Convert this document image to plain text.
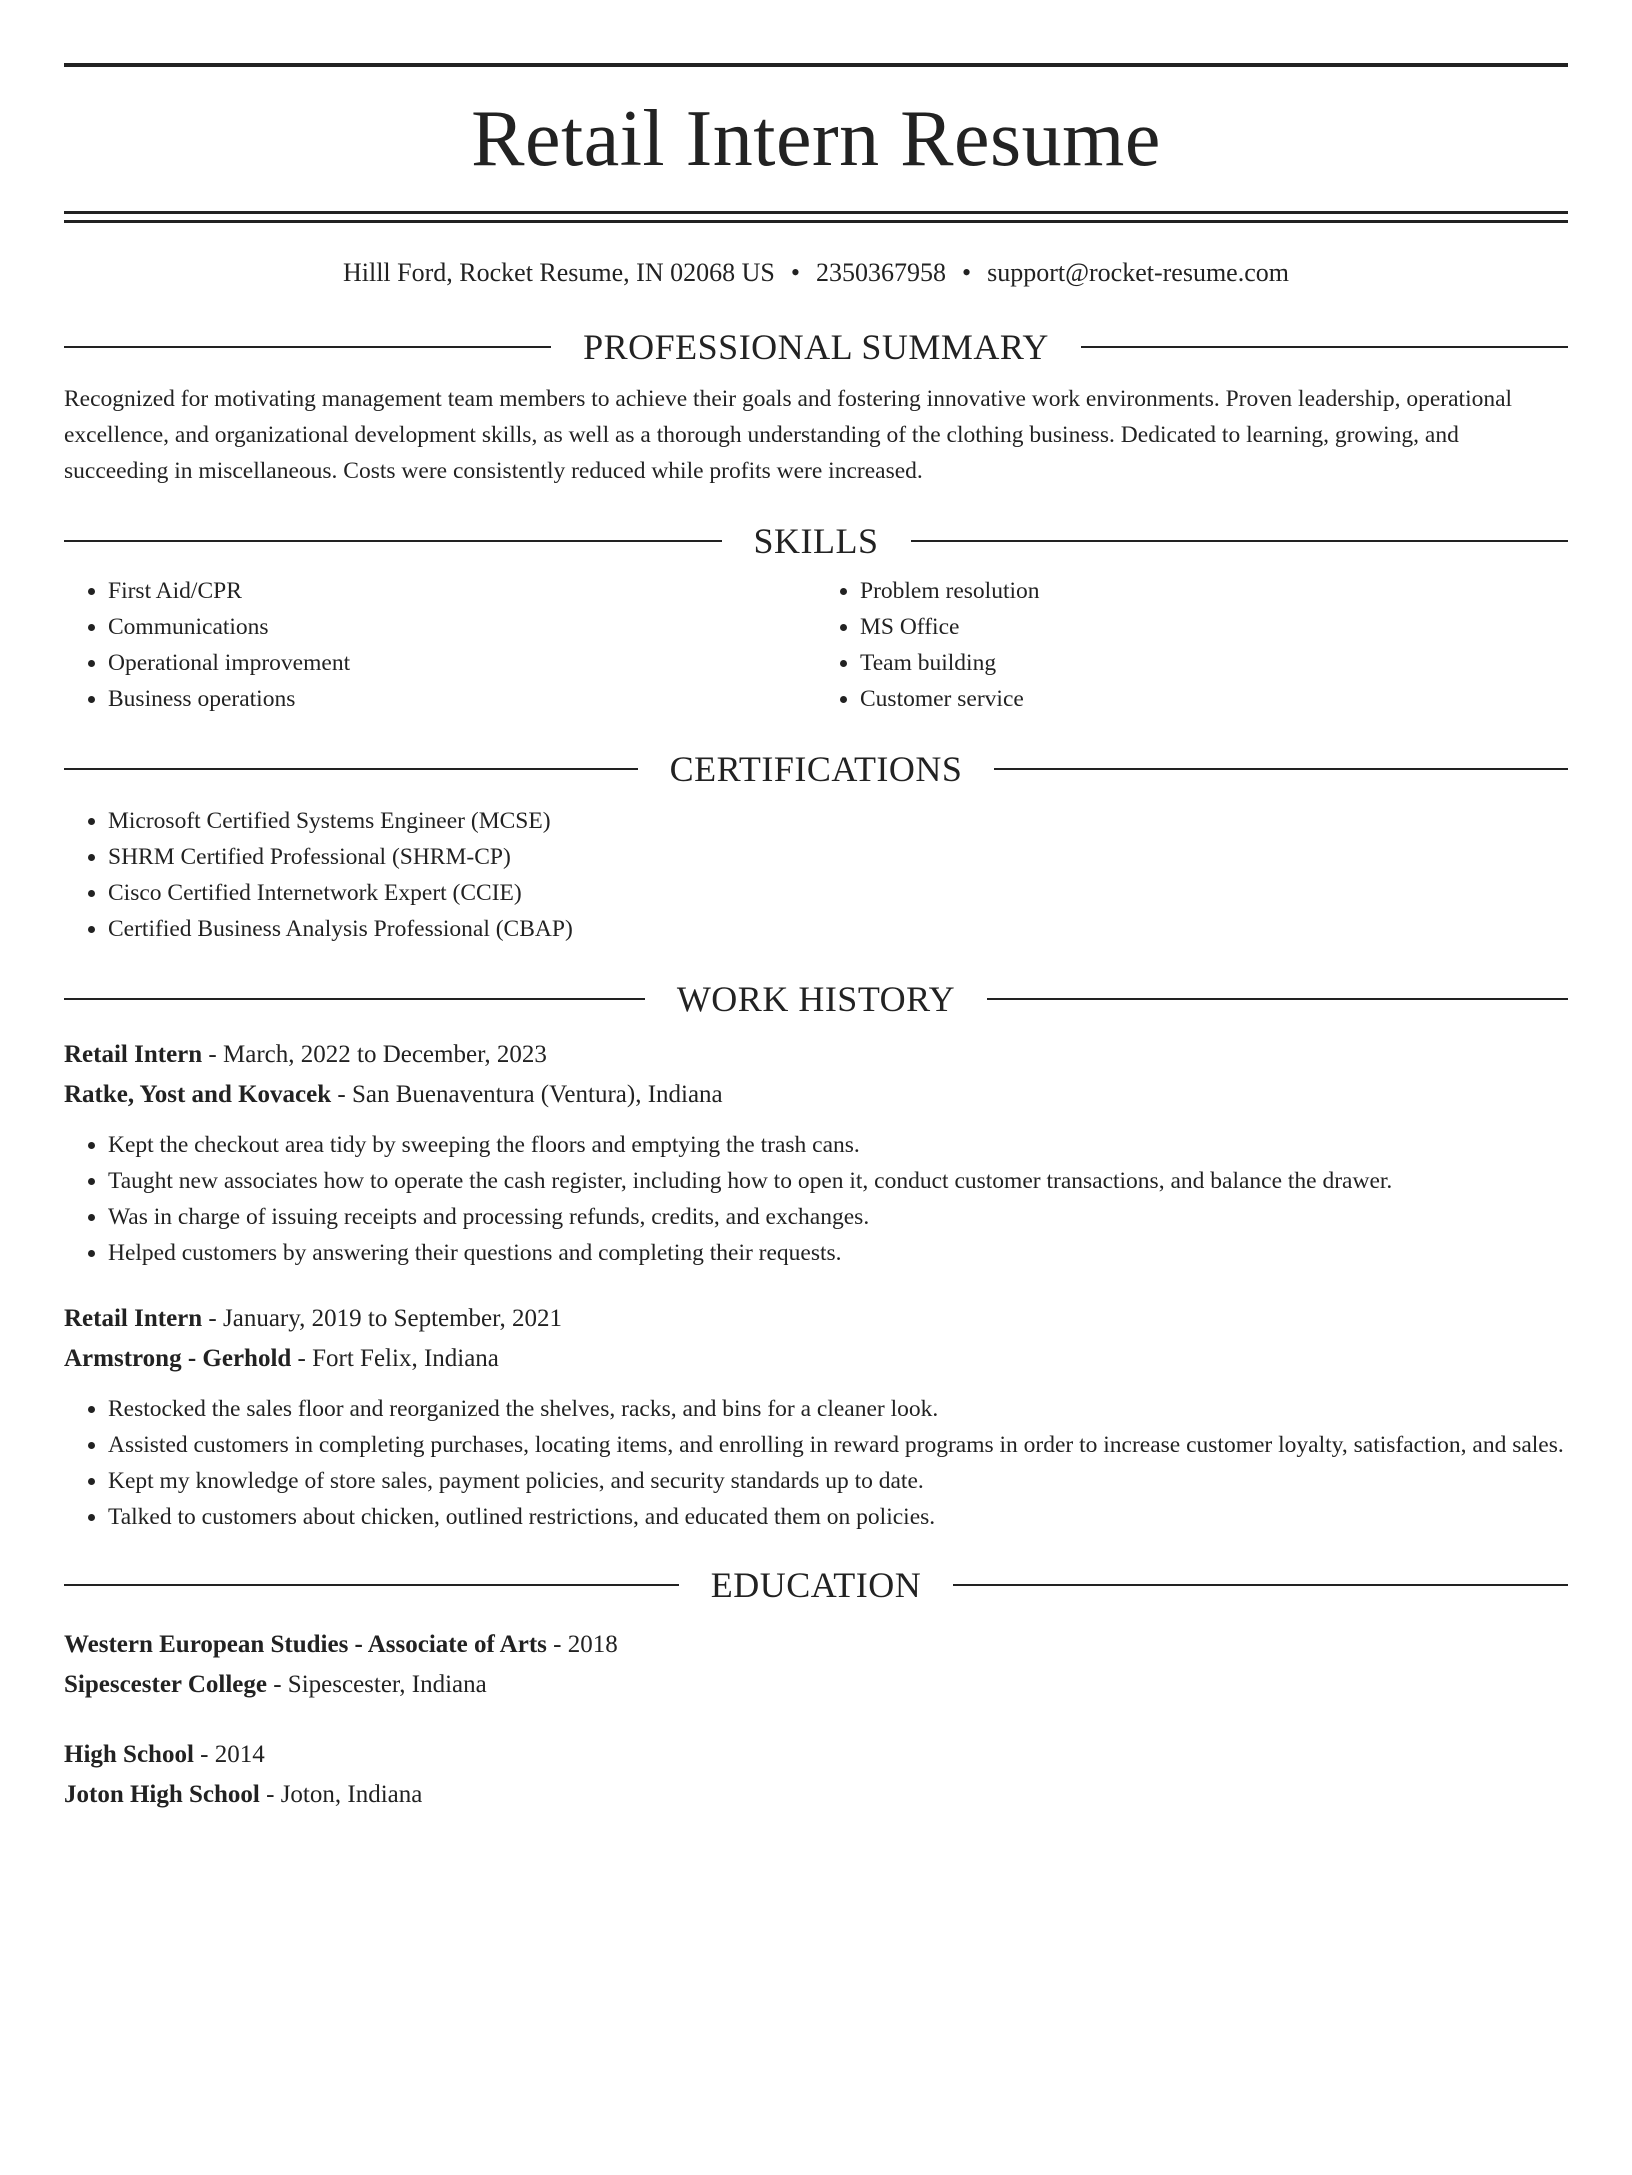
Retail Intern Resume
Hilll Ford, Rocket Resume, IN 02068 US • 2350367958 • support@rocket-resume.com
PROFESSIONAL SUMMARY
Recognized for motivating management team members to achieve their goals and fostering innovative work environments. Proven leadership, operational excellence, and organizational development skills, as well as a thorough understanding of the clothing business. Dedicated to learning, growing, and succeeding in miscellaneous. Costs were consistently reduced while profits were increased.
SKILLS
• First Aid/CPR
• Communications
• Operational improvement
• Business operations
• Problem resolution
• MS Office
• Team building
• Customer service
CERTIFICATIONS
• Microsoft Certified Systems Engineer (MCSE)
• SHRM Certified Professional (SHRM-CP)
• Cisco Certified Internetwork Expert (CCIE)
• Certified Business Analysis Professional (CBAP)
WORK HISTORY
Retail Intern - March, 2022 to December, 2023
Ratke, Yost and Kovacek - San Buenaventura (Ventura), Indiana
• Kept the checkout area tidy by sweeping the floors and emptying the trash cans.
• Taught new associates how to operate the cash register, including how to open it, conduct customer transactions, and balance the drawer.
• Was in charge of issuing receipts and processing refunds, credits, and exchanges.
• Helped customers by answering their questions and completing their requests.
Retail Intern - January, 2019 to September, 2021
Armstrong - Gerhold - Fort Felix, Indiana
• Restocked the sales floor and reorganized the shelves, racks, and bins for a cleaner look.
• Assisted customers in completing purchases, locating items, and enrolling in reward programs in order to increase customer loyalty, satisfaction, and sales.
• Kept my knowledge of store sales, payment policies, and security standards up to date.
• Talked to customers about chicken, outlined restrictions, and educated them on policies.
EDUCATION
Western European Studies - Associate of Arts - 2018
Sipescester College - Sipescester, Indiana
High School - 2014
Joton High School - Joton, Indiana
